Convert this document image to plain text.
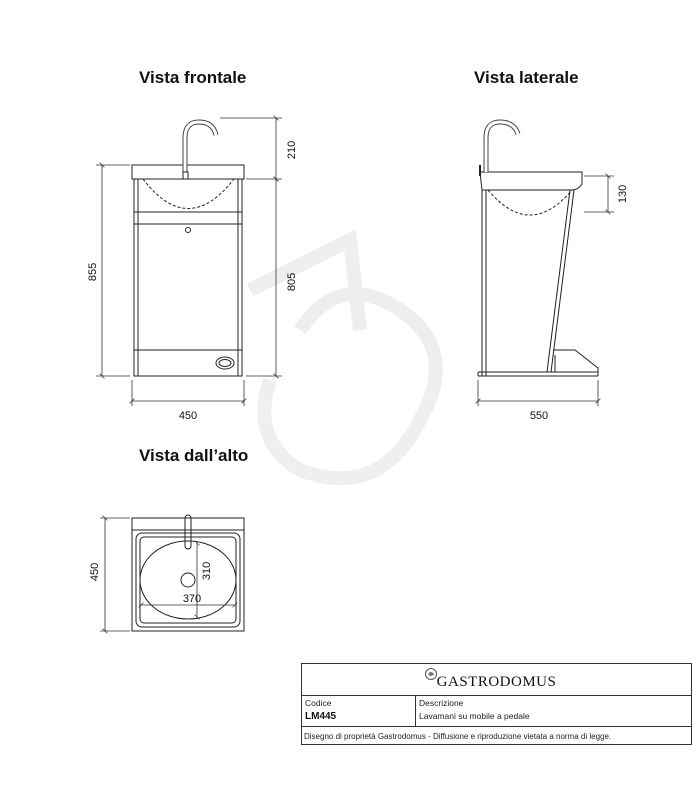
Vista frontale	Vista laterale
Vista dall’alto
855
805
210
450
130
550
450	310
370
GASTRODOMUS
Codice
LM445
Descrizione
Lavamani su mobile a pedale
Disegno di proprietà Gastrodomus - Diffusione e riproduzione vietata a norma di legge.
